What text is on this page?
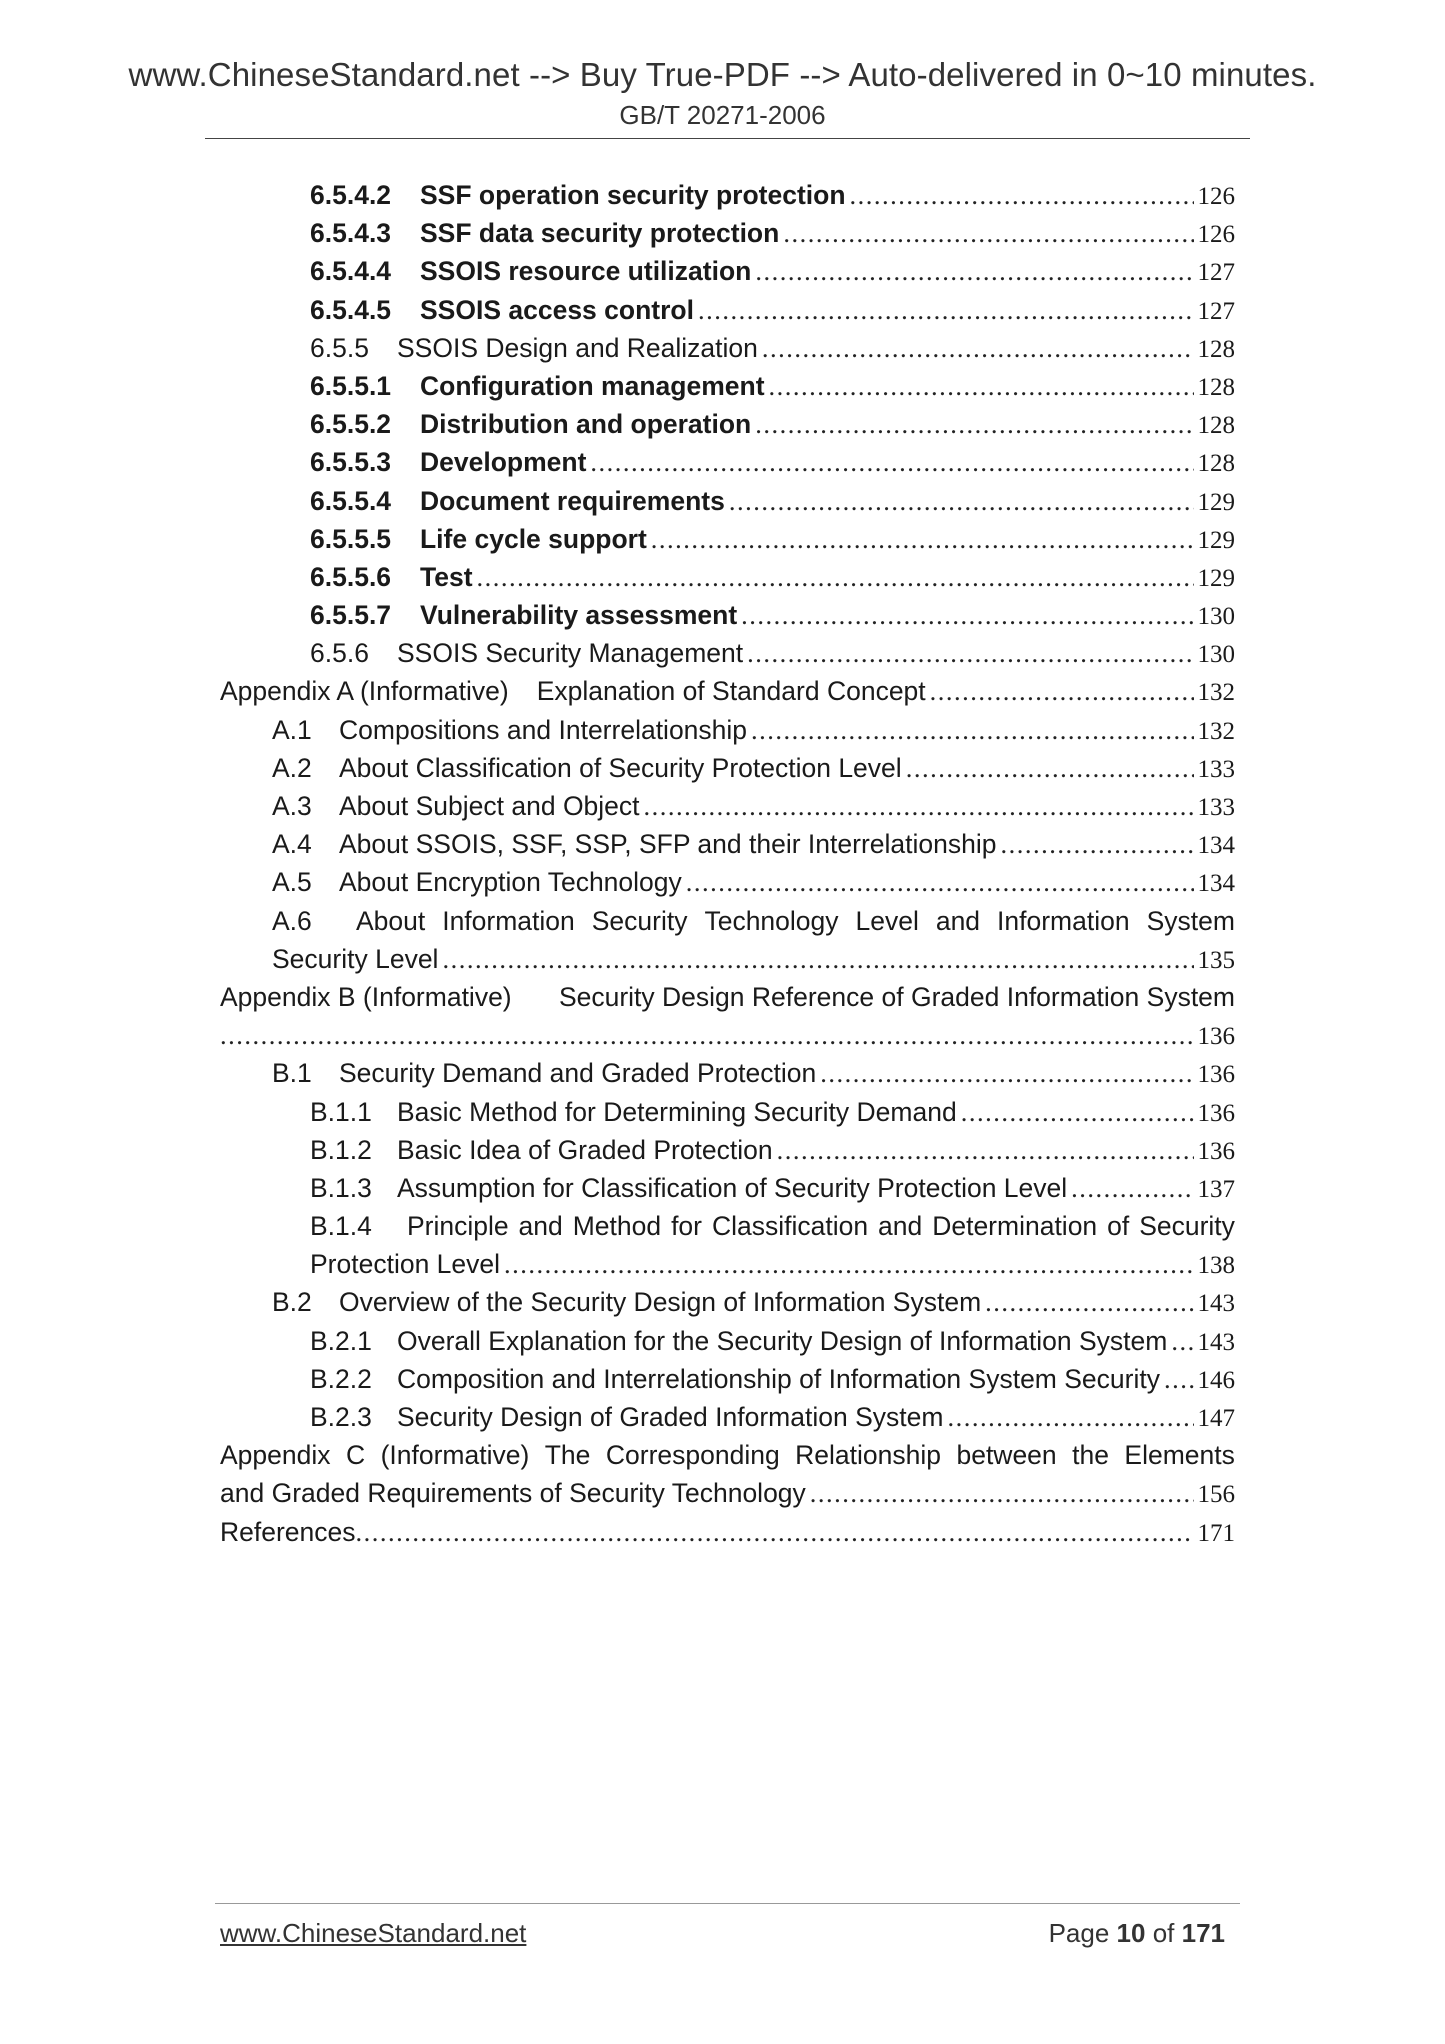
www.ChineseStandard.net --> Buy True-PDF --> Auto-delivered in 0~10 minutes.
GB/T 20271-2006
6.5.4.2	SSF operation security protection .....	126
6.5.4.3	SSF data security protection .....	126
6.5.4.4	SSOIS resource utilization .....	127
6.5.4.5	SSOIS access control .....	127
6.5.5	SSOIS Design and Realization .....	128
6.5.5.1	Configuration management .....	128
6.5.5.2	Distribution and operation .....	128
6.5.5.3	Development .....	128
6.5.5.4	Document requirements .....	129
6.5.5.5	Life cycle support .....	129
6.5.5.6	Test .....	129
6.5.5.7	Vulnerability assessment .....	130
6.5.6	SSOIS Security Management .....	130
Appendix A (Informative) Explanation of Standard Concept .....	132
A.1	Compositions and Interrelationship .....	132
A.2	About Classification of Security Protection Level .....	133
A.3	About Subject and Object .....	133
A.4	About SSOIS, SSF, SSP, SFP and their Interrelationship .....	134
A.5	About Encryption Technology .....	134
A.6	About Information Security Technology Level and Information System
Security Level .....	135
Appendix B (Informative) Security Design Reference of Graded Information System
.....
136
B.1	Security Demand and Graded Protection .....	136
B.1.1 Basic Method for Determining Security Demand .....	136
B.1.2 Basic Idea of Graded Protection .....	136
B.1.3 Assumption for Classification of Security Protection Level .....	137
B.1.4	Principle and Method for Classification and Determination of Security
Protection Level .....	138
B.2	Overview of the Security Design of Information System .....	143
B.2.1 Overall Explanation for the Security Design of Information System ..... 143
B.2.2 Composition and Interrelationship of Information System Security ..... 146
B.2.3 Security Design of Graded Information System .....	147
Appendix C (Informative) The Corresponding Relationship between the Elements
and Graded Requirements of Security Technology .....	156
References .....	171
www.ChineseStandard.net	Page 10 of 171
